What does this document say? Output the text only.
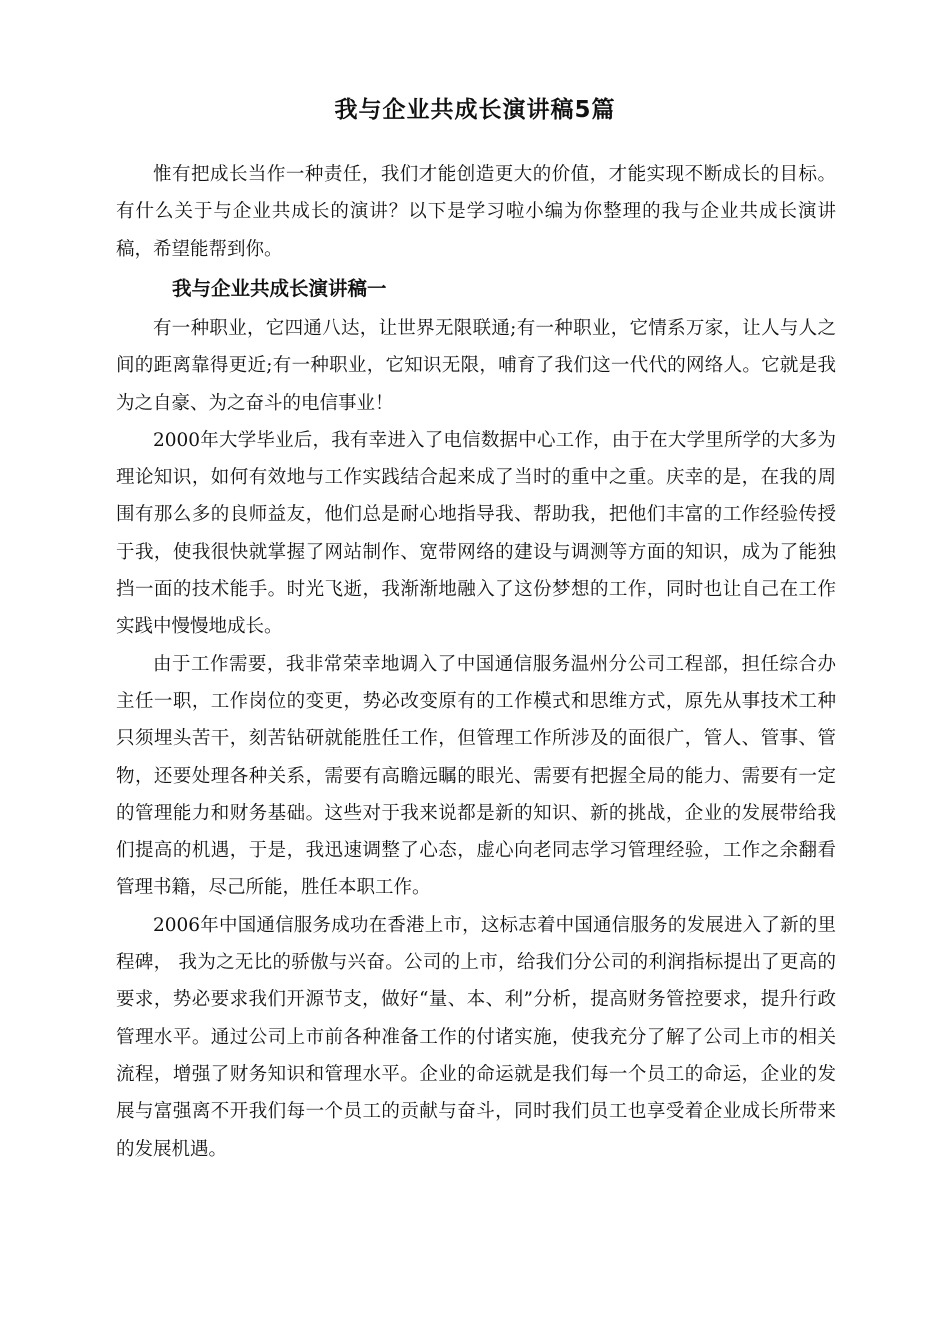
我与企业共成长演讲稿5篇

惟有把成长当作一种责任，我们才能创造更大的价值，才能实现不断成长的目标。有什么关于与企业共成长的演讲？以下是学习啦小编为你整理的我与企业共成长演讲稿，希望能帮到你。

我与企业共成长演讲稿一

有一种职业，它四通八达，让世界无限联通;有一种职业，它情系万家，让人与人之间的距离靠得更近;有一种职业，它知识无限，哺育了我们这一代代的网络人。它就是我为之自豪、为之奋斗的电信事业！

2000年大学毕业后，我有幸进入了电信数据中心工作，由于在大学里所学的大多为理论知识，如何有效地与工作实践结合起来成了当时的重中之重。庆幸的是，在我的周围有那么多的良师益友，他们总是耐心地指导我、帮助我，把他们丰富的工作经验传授于我，使我很快就掌握了网站制作、宽带网络的建设与调测等方面的知识，成为了能独挡一面的技术能手。时光飞逝，我渐渐地融入了这份梦想的工作，同时也让自己在工作实践中慢慢地成长。

由于工作需要，我非常荣幸地调入了中国通信服务温州分公司工程部，担任综合办主任一职，工作岗位的变更，势必改变原有的工作模式和思维方式，原先从事技术工种只须埋头苦干，刻苦钻研就能胜任工作，但管理工作所涉及的面很广，管人、管事、管物，还要处理各种关系，需要有高瞻远瞩的眼光、需要有把握全局的能力、需要有一定的管理能力和财务基础。这些对于我来说都是新的知识、新的挑战，企业的发展带给我们提高的机遇，于是，我迅速调整了心态，虚心向老同志学习管理经验，工作之余翻看管理书籍，尽己所能，胜任本职工作。

2006年中国通信服务成功在香港上市，这标志着中国通信服务的发展进入了新的里程碑， 我为之无比的骄傲与兴奋。公司的上市，给我们分公司的利润指标提出了更高的要求，势必要求我们开源节支，做好“量、本、利”分析，提高财务管控要求，提升行政管理水平。通过公司上市前各种准备工作的付诸实施，使我充分了解了公司上市的相关流程，增强了财务知识和管理水平。企业的命运就是我们每一个员工的命运，企业的发展与富强离不开我们每一个员工的贡献与奋斗，同时我们员工也享受着企业成长所带来的发展机遇。
